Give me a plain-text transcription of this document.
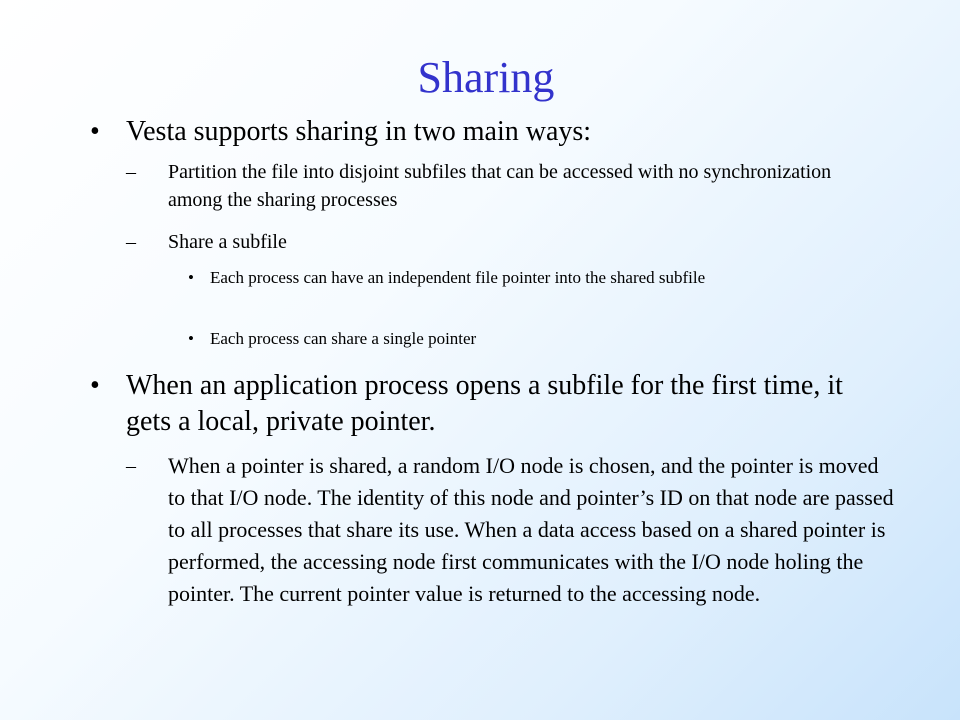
Sharing
• Vesta supports sharing in two main ways:
–	Partition the file into disjoint subfiles that can be accessed with no synchronization among the sharing processes
–	Share a subfile
• Each process can have an independent file pointer into the shared subfile
• Each process can share a single pointer
• When an application process opens a subfile for the first time, it gets a local, private pointer.
–	When a pointer is shared, a random I/O node is chosen, and the pointer is moved to that I/O node. The identity of this node and pointer’s ID on that node are passed to all processes that share its use. When a data access based on a shared pointer is performed, the accessing node first communicates with the I/O node holing the pointer. The current pointer value is returned to the accessing node.
